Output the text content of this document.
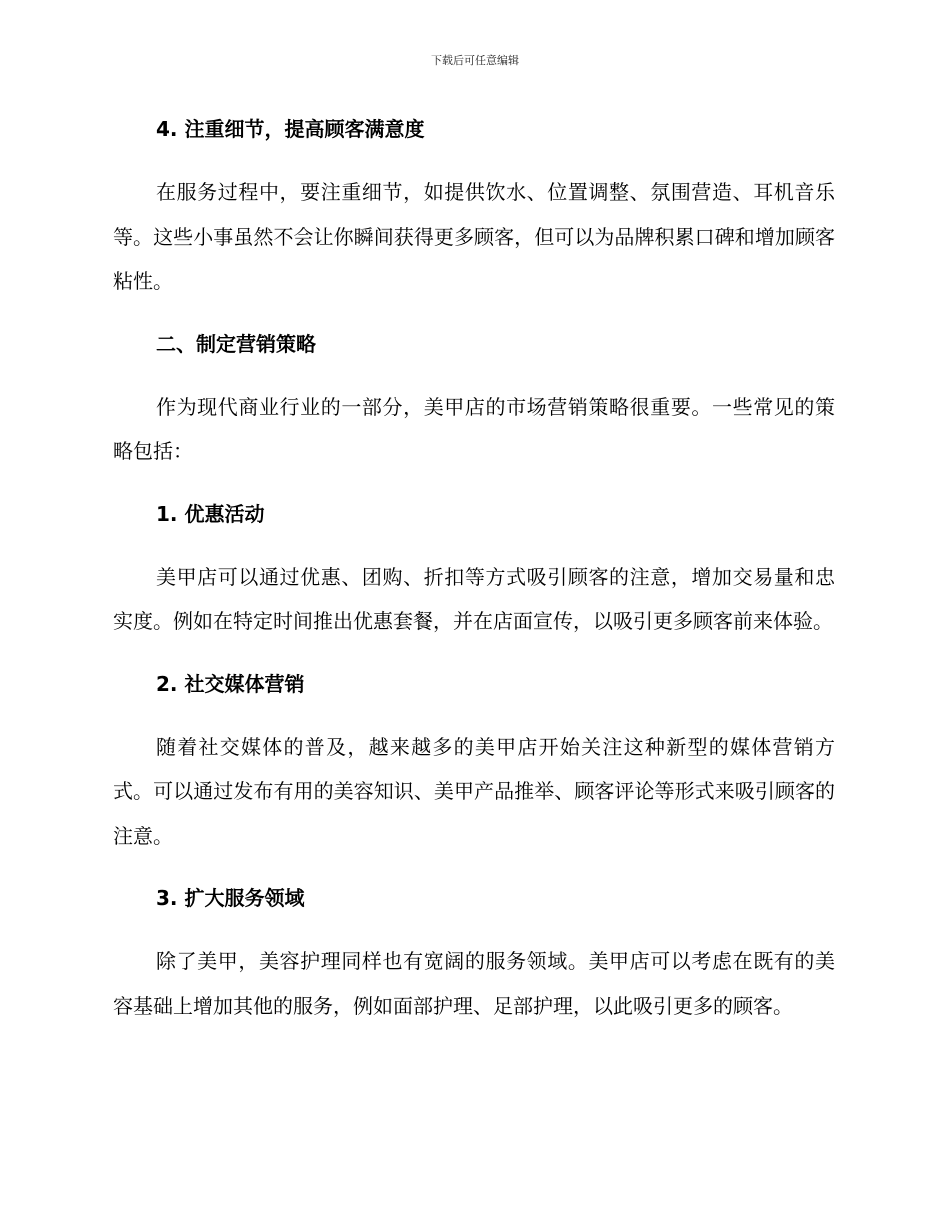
下载后可任意编辑
4. 注重细节，提高顾客满意度

在服务过程中，要注重细节，如提供饮水、位置调整、氛围营造、耳机音乐等。这些小事虽然不会让你瞬间获得更多顾客，但可以为品牌积累口碑和增加顾客粘性。

二、制定营销策略

作为现代商业行业的一部分，美甲店的市场营销策略很重要。一些常见的策略包括：

1. 优惠活动

美甲店可以通过优惠、团购、折扣等方式吸引顾客的注意，增加交易量和忠实度。例如在特定时间推出优惠套餐，并在店面宣传，以吸引更多顾客前来体验。

2. 社交媒体营销

随着社交媒体的普及，越来越多的美甲店开始关注这种新型的媒体营销方式。可以通过发布有用的美容知识、美甲产品推举、顾客评论等形式来吸引顾客的注意。

3. 扩大服务领域

除了美甲，美容护理同样也有宽阔的服务领域。美甲店可以考虑在既有的美容基础上增加其他的服务，例如面部护理、足部护理，以此吸引更多的顾客。
